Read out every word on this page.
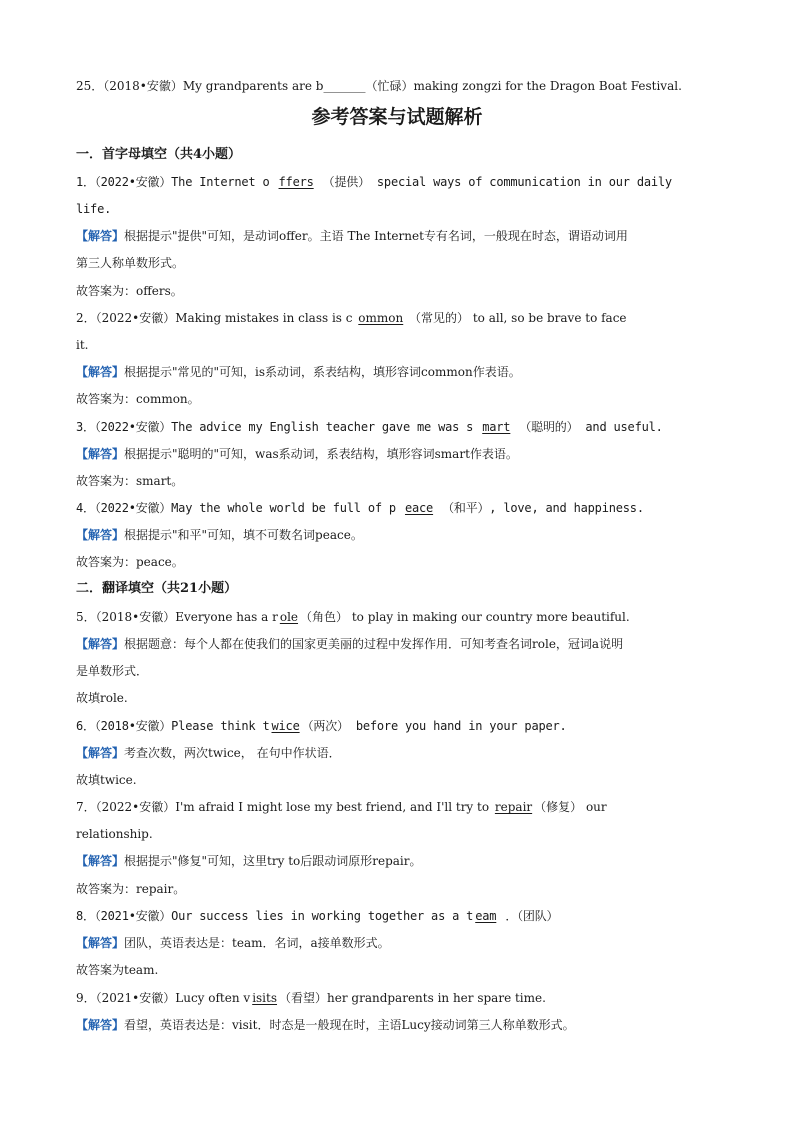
25．（2018•安徽）My grandparents are b_______（忙碌）making zongzi for the Dragon Boat Festival.
参考答案与试题解析
一．首字母填空（共4小题）
1．（2022•安徽）The Internet o ffers （提供） special ways of communication in our daily
life.
【解答】根据提示"提供"可知，是动词offer。主语 The Internet专有名词，一般现在时态，谓语动词用
第三人称单数形式。
故答案为：offers。
2．（2022•安徽）Making mistakes in class is c ommon （常见的） to all, so be brave to face
it.
【解答】根据提示"常见的"可知，is系动词，系表结构，填形容词common作表语。
故答案为：common。
3．（2022•安徽）The advice my English teacher gave me was s mart （聪明的） and useful.
【解答】根据提示"聪明的"可知，was系动词，系表结构，填形容词smart作表语。
故答案为：smart。
4．（2022•安徽）May the whole world be full of p eace （和平）, love, and happiness.
【解答】根据提示"和平"可知，填不可数名词peace。
故答案为：peace。
二．翻译填空（共21小题）
5．（2018•安徽）Everyone has a r ole （角色） to play in making our country more beautiful.
【解答】根据题意：每个人都在使我们的国家更美丽的过程中发挥作用．可知考查名词role，冠词a说明
是单数形式．
故填role.
6．（2018•安徽）Please think t wice （两次） before you hand in your paper.
【解答】考查次数，两次twice， 在句中作状语．
故填twice.
7．（2022•安徽）I'm afraid I might lose my best friend, and I'll try to repair （修复） our
relationship.
【解答】根据提示"修复"可知，这里try to后跟动词原形repair。
故答案为：repair。
8．（2021•安徽）Our success lies in working together as a t eam ．（团队）
【解答】团队，英语表达是：team．名词，a接单数形式。
故答案为team.
9．（2021•安徽）Lucy often v isits （看望）her grandparents in her spare time.
【解答】看望，英语表达是：visit．时态是一般现在时，主语Lucy接动词第三人称单数形式。
